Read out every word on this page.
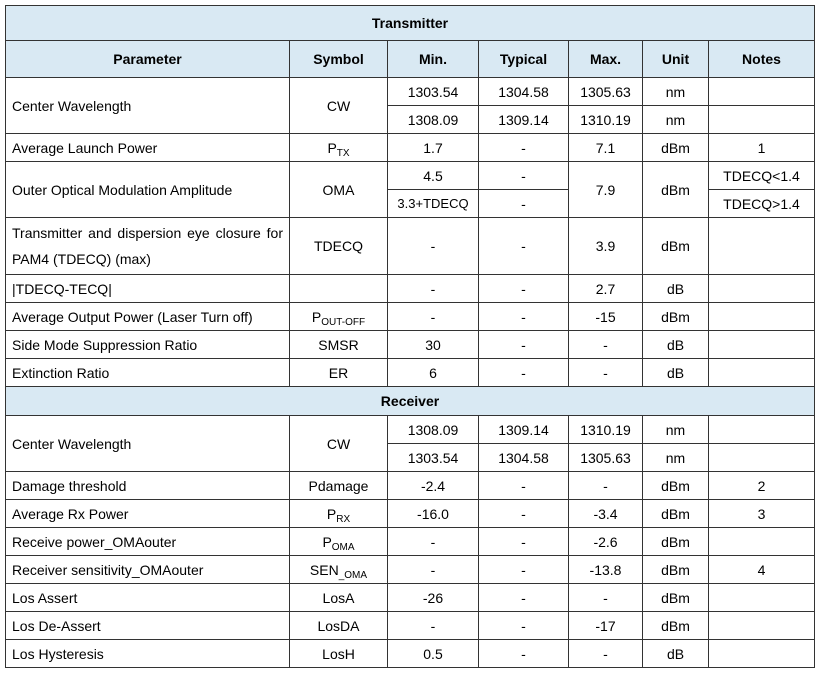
Transmitter						
Parameter	Symbol	Min.	Typical	Max.	Unit	Notes
Center Wavelength	CW	1303.54	1304.58	1305.63	nm	
		1308.09	1309.14	1310.19	nm	
Average Launch Power	$P_{TX}$	1.7	-	7.1	dBm	1
Outer Optical Modulation Amplitude	OMA	4.5	-	7.9	dBm	TDECQ<1.4
		3.3+TDECQ	-			TDECQ>1.4
Transmitter and dispersion eye closure for PAM4 (TDECQ) (max)	TDECQ	-	-	3.9	dBm	
|TDECQ-TECQ|		-	-	2.7	dB	
Average Output Power (Laser Turn off)	$P_{OUT-OFF}$	-	-	-15	dBm	
Side Mode Suppression Ratio	SMSR	30	-	-	dB	
Extinction Ratio	ER	6	-	-	dB	
Receiver						
Center Wavelength	CW	1308.09	1309.14	1310.19	nm	
		1303.54	1304.58	1305.63	nm	
Damage threshold	Pdamage	-2.4	-	-	dBm	2
Average Rx Power	$P_{RX}$	-16.0	-	-3.4	dBm	3
Receive power_OMAouter	$P_{OMA}$	-	-	-2.6	dBm	
Receiver sensitivity_OMAouter	$SEN_{\_OMA}$	-	-	-13.8	dBm	4
Los Assert	LosA	-26	-	-	dBm	
Los De-Assert	LosDA	-	-	-17	dBm	
Los Hysteresis	LosH	0.5	-	-	dB	
